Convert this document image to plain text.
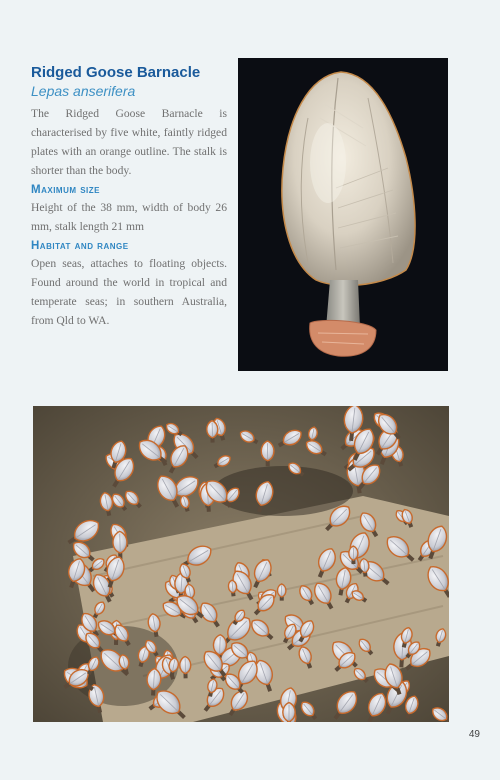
Ridged Goose Barnacle

Lepas anserifera

The Ridged Goose Barnacle is characterised by five white, faintly ridged plates with an orange outline. The stalk is shorter than the body.

Maximum size

Height of the 38 mm, width of body 26 mm, stalk length 21 mm

Habitat and range

Open seas, attaches to floating objects. Found around the world in tropical and temperate seas; in southern Australia, from Qld to WA.

49
